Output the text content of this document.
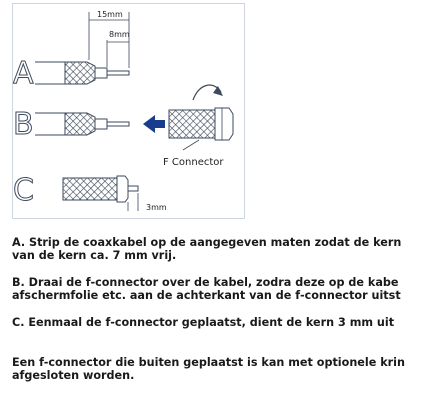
A
15mm
8mm
B
F Connector
C	3mm

A. Strip de coaxkabel op de aangegeven maten zodat de kern
van de kern ca. 7 mm vrij.

B. Draai de f-connector over de kabel, zodra deze op de kabe
afschermfolie etc. aan de achterkant van de f-connector uitst

C. Eenmaal de f-connector geplaatst, dient de kern 3 mm uit

Een f-connector die buiten geplaatst is kan met optionele krin
afgesloten worden.
